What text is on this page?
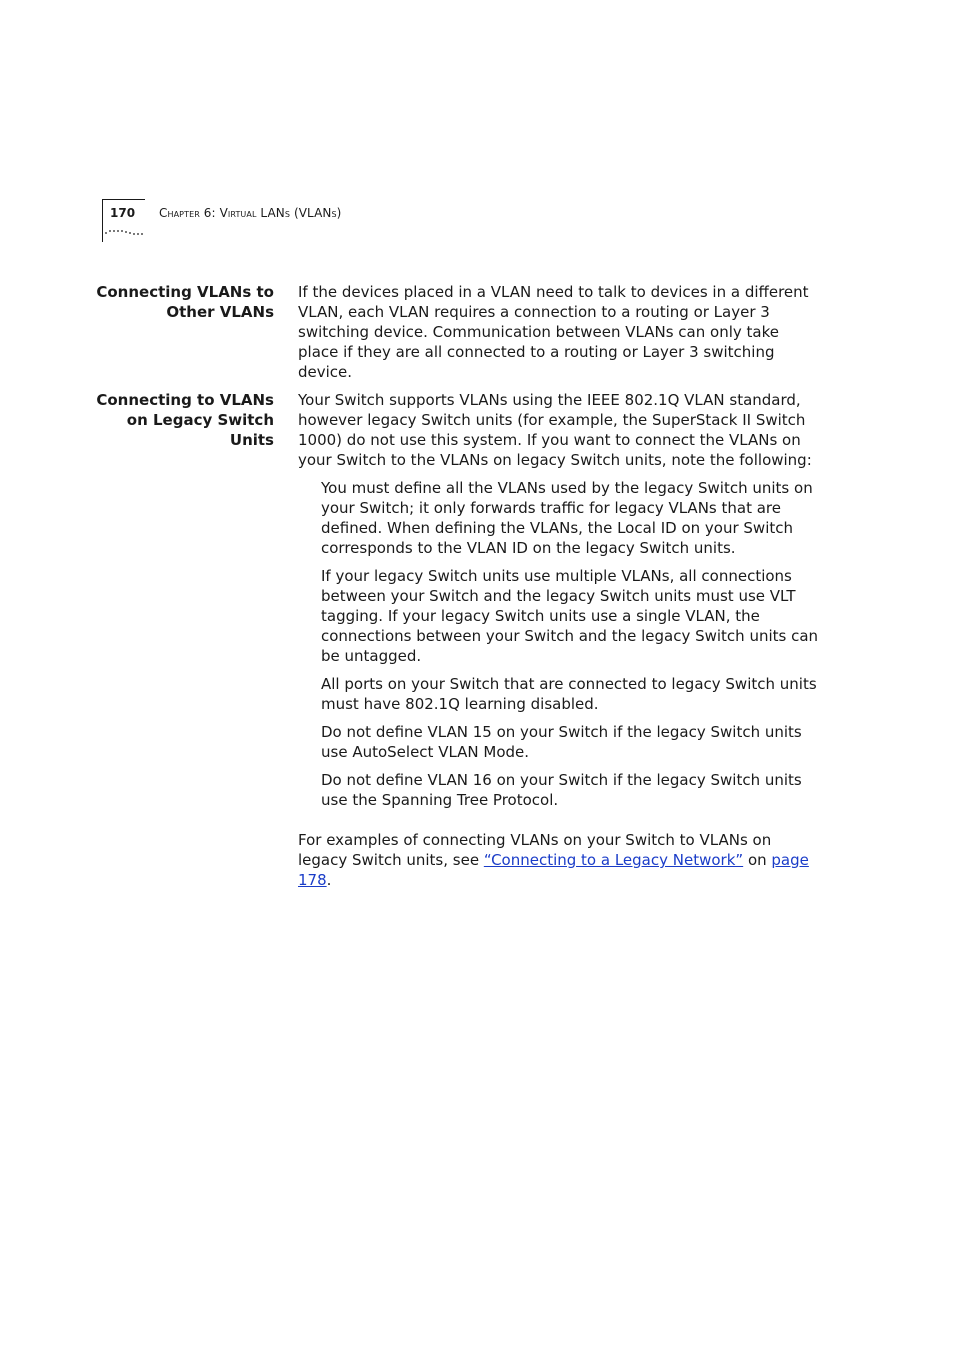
170 Chapter 6: Virtual LANs (VLANs)
Connecting VLANs to
Other VLANs

If the devices placed in a VLAN need to talk to devices in a different VLAN, each VLAN requires a connection to a routing or Layer 3 switching device. Communication between VLANs can only take place if they are all connected to a routing or Layer 3 switching device.

Connecting to VLANs
on Legacy Switch
Units

Your Switch supports VLANs using the IEEE 802.1Q VLAN standard, however legacy Switch units (for example, the SuperStack II Switch 1000) do not use this system. If you want to connect the VLANs on your Switch to the VLANs on legacy Switch units, note the following:

You must define all the VLANs used by the legacy Switch units on your Switch; it only forwards traffic for legacy VLANs that are defined. When defining the VLANs, the Local ID on your Switch corresponds to the VLAN ID on the legacy Switch units.

If your legacy Switch units use multiple VLANs, all connections between your Switch and the legacy Switch units must use VLT tagging. If your legacy Switch units use a single VLAN, the connections between your Switch and the legacy Switch units can be untagged.

All ports on your Switch that are connected to legacy Switch units must have 802.1Q learning disabled.

Do not define VLAN 15 on your Switch if the legacy Switch units use AutoSelect VLAN Mode.

Do not define VLAN 16 on your Switch if the legacy Switch units use the Spanning Tree Protocol.

For examples of connecting VLANs on your Switch to VLANs on legacy Switch units, see “Connecting to a Legacy Network” on page 178.
